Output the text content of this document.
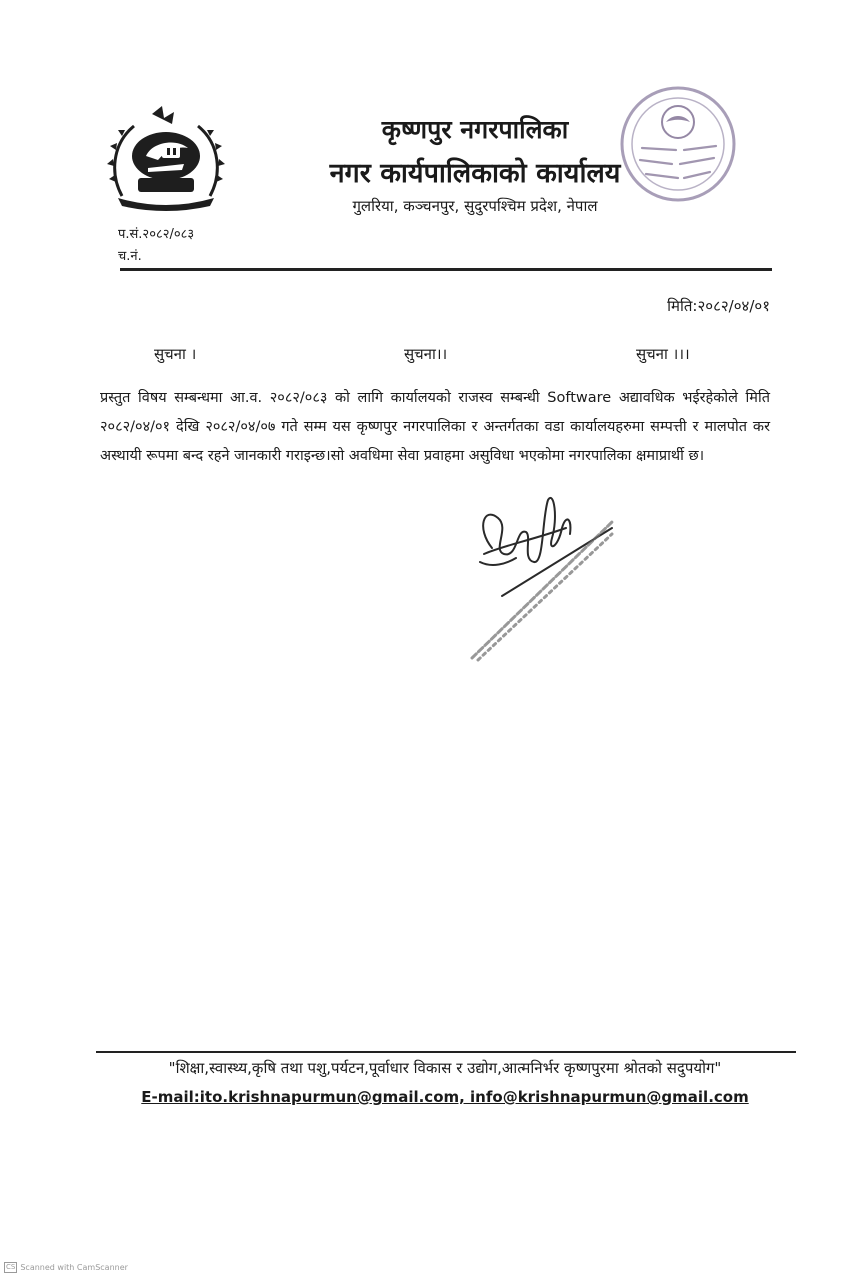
कृष्णपुर नगरपालिका
नगर कार्यपालिकाको कार्यालय
गुलरिया, कञ्चनपुर, सुदुरपश्चिम प्रदेश, नेपाल
प.सं.२०८२/०८३
च.नं.
मिति:२०८२/०४/०१
सुचना ।	सुचना।।	सुचना ।।।

प्रस्तुत विषय सम्बन्धमा आ.व. २०८२/०८३ को लागि कार्यालयको राजस्व सम्बन्धी Software अद्यावधिक भईरहेकोले मिति २०८२/०४/०१ देखि २०८२/०४/०७ गते सम्म यस कृष्णपुर नगरपालिका र अन्तर्गतका वडा कार्यालयहरुमा सम्पत्ती र मालपोत कर अस्थायी रूपमा बन्द रहने जानकारी गराइन्छ।सो अवधिमा सेवा प्रवाहमा असुविधा भएकोमा नगरपालिका क्षमाप्रार्थी छ।

"शिक्षा,स्वास्थ्य,कृषि तथा पशु,पर्यटन,पूर्वाधार विकास र उद्योग,आत्मनिर्भर कृष्णपुरमा श्रोतको सदुपयोग"
E-mail:ito.krishnapurmun@gmail.com, info@krishnapurmun@gmail.com
CS Scanned with CamScanner
